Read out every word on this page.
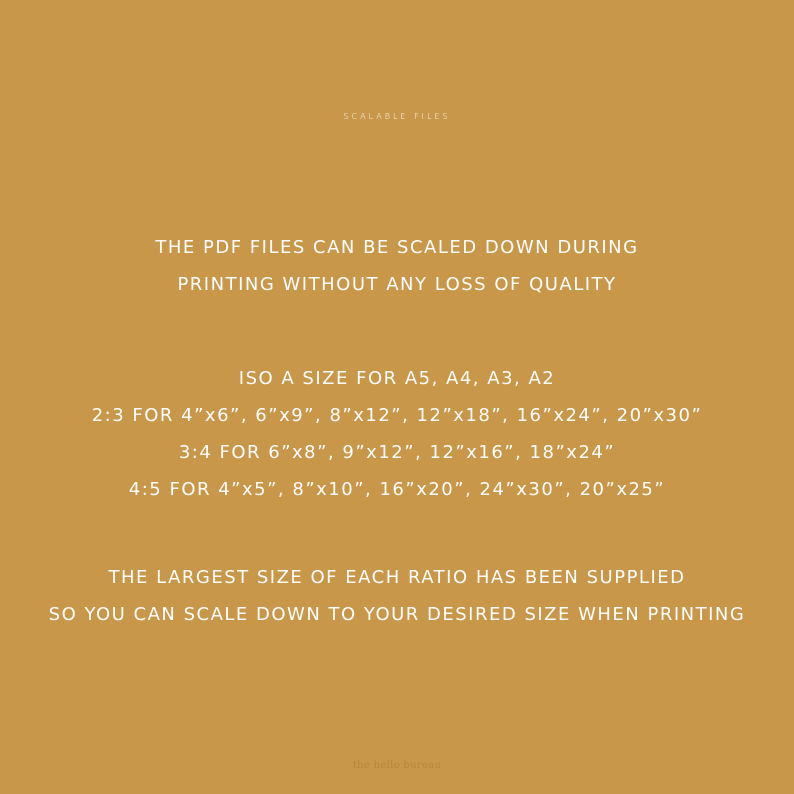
SCALABLE FILES
THE PDF FILES CAN BE SCALED DOWN DURING
PRINTING WITHOUT ANY LOSS OF QUALITY
ISO A SIZE FOR A5, A4, A3, A2
2:3 FOR 4”x6”, 6”x9”, 8”x12”, 12”x18”, 16”x24”, 20”x30”
3:4 FOR 6”x8”, 9”x12”, 12”x16”, 18”x24”
4:5 FOR 4”x5”, 8”x10”, 16”x20”, 24”x30”, 20”x25”
THE LARGEST SIZE OF EACH RATIO HAS BEEN SUPPLIED
SO YOU CAN SCALE DOWN TO YOUR DESIRED SIZE WHEN PRINTING
the hello bureau
